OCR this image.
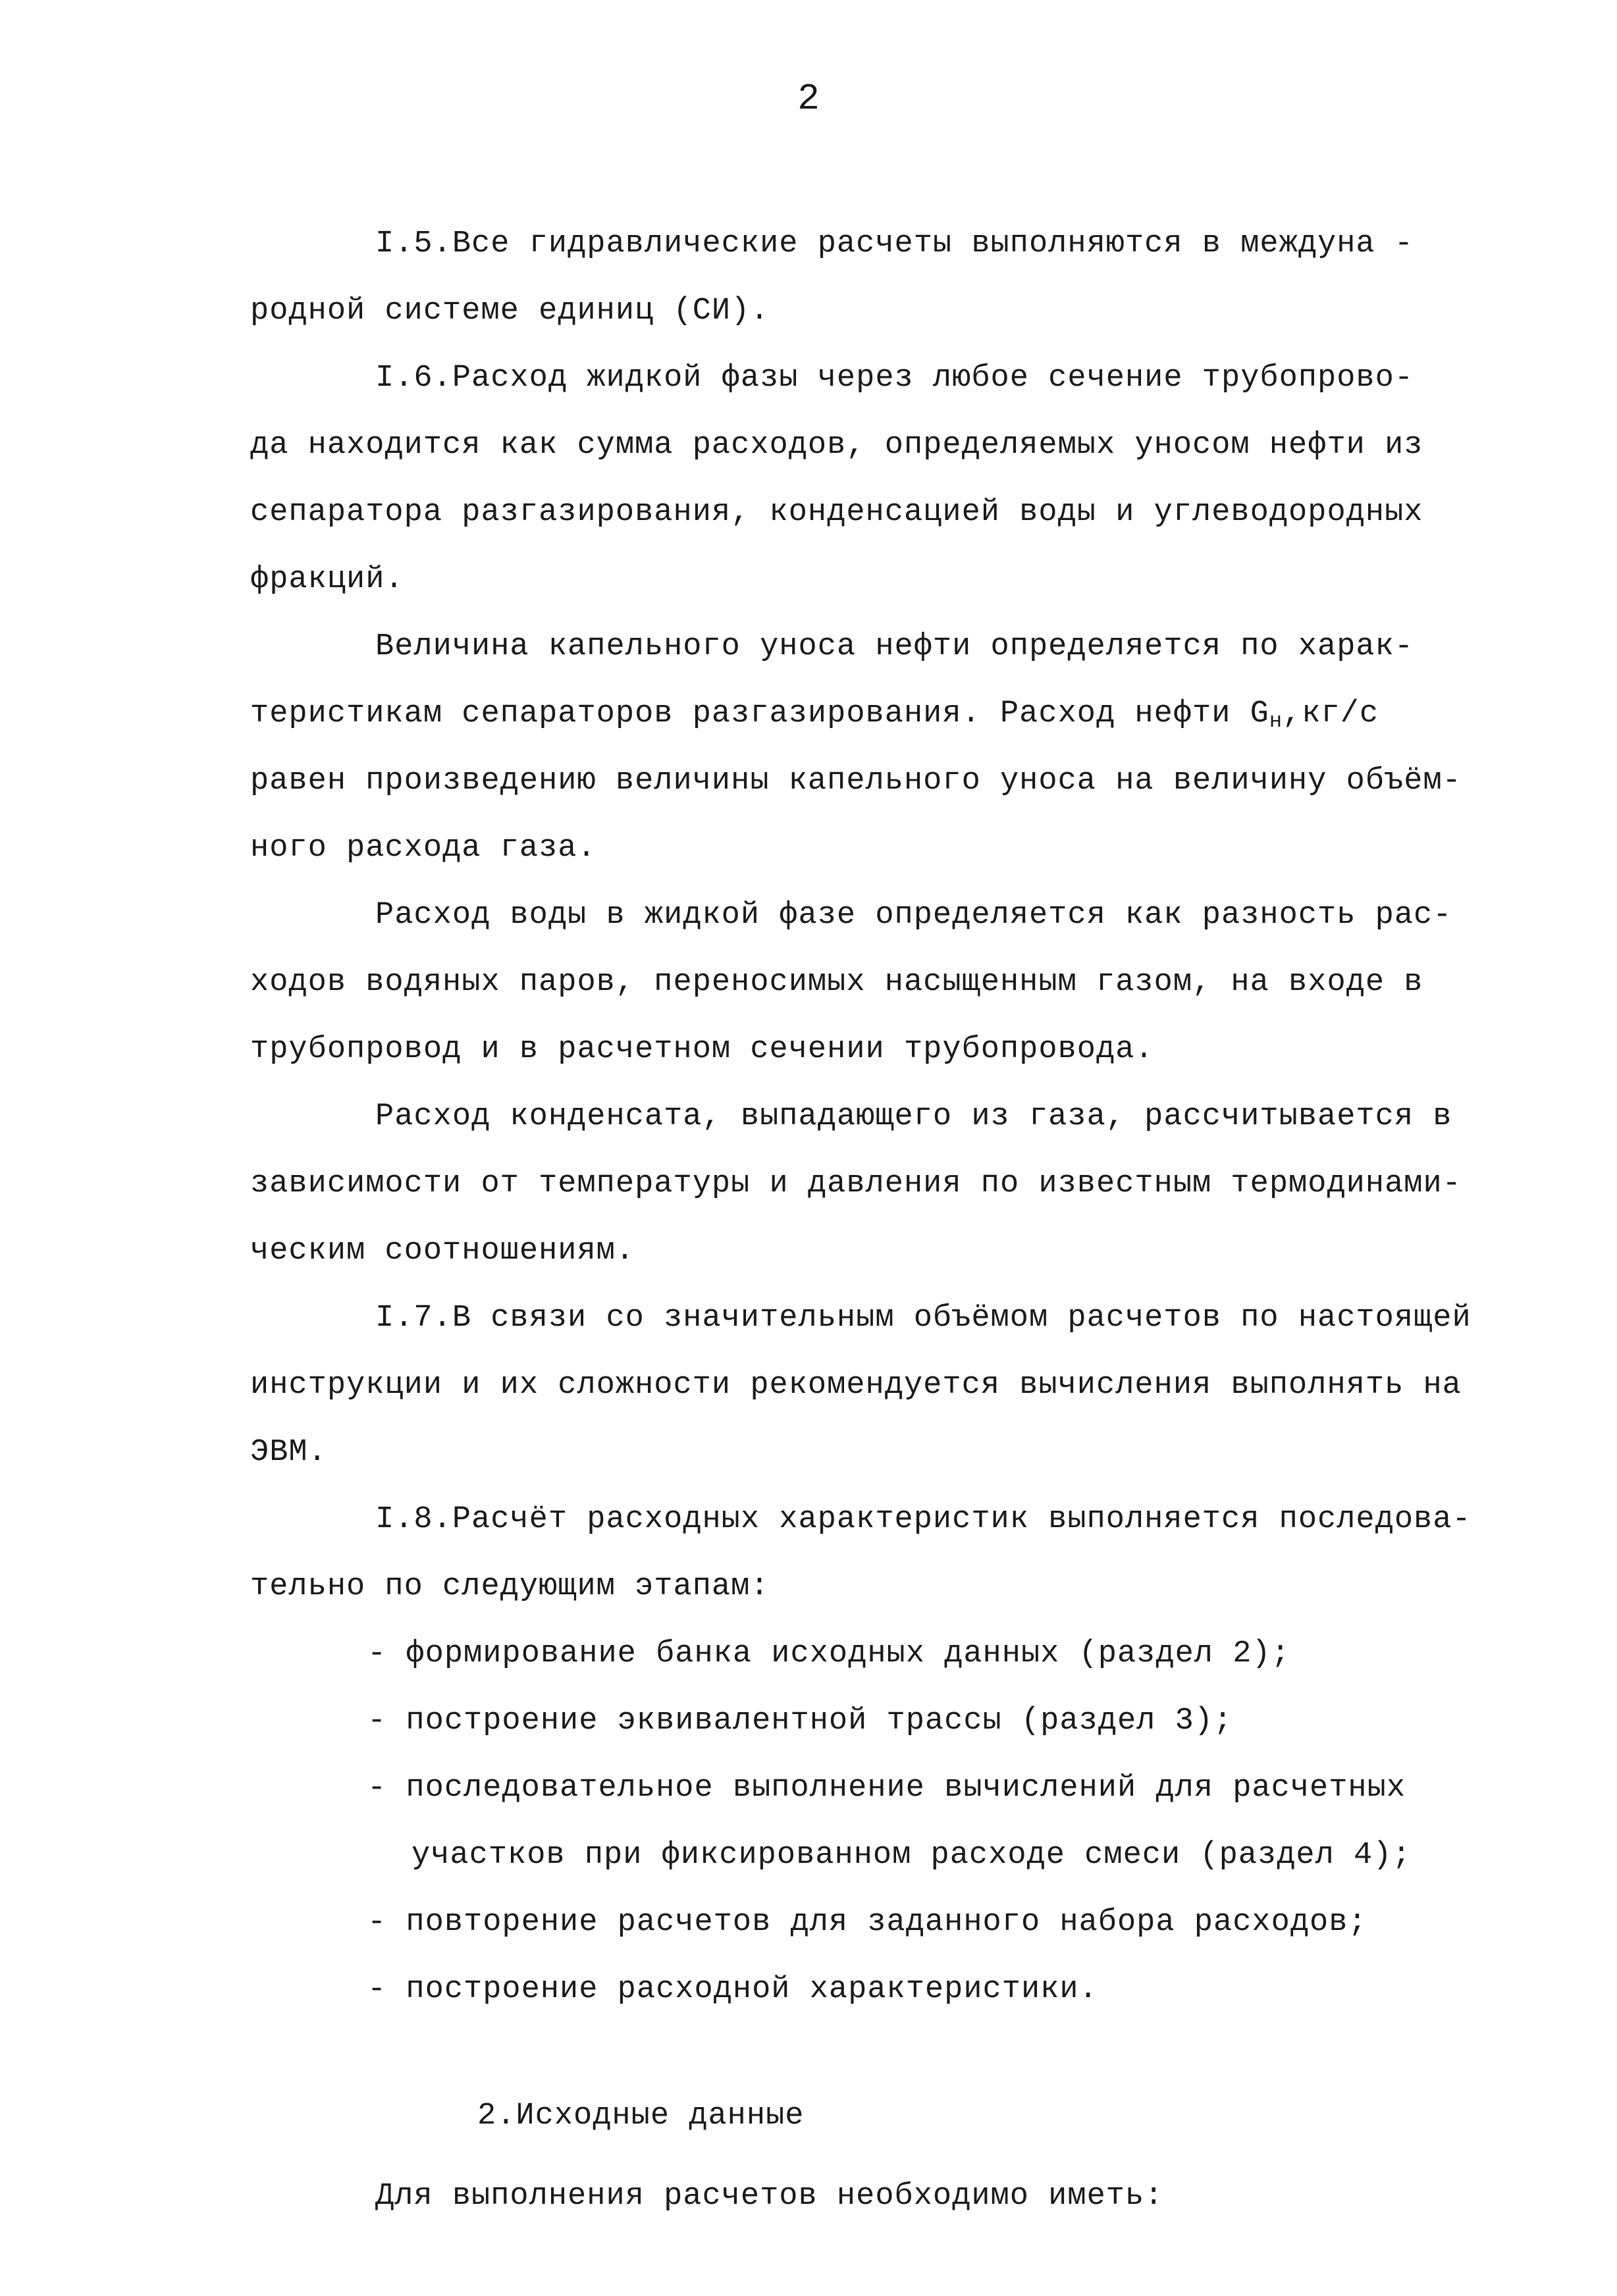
2
I.5.Все гидравлические расчеты выполняются в междуна -
родной системе единиц (СИ).
I.6.Расход жидкой фазы через любое сечение трубопрово-
да находится как сумма расходов, определяемых уносом нефти из
сепаратора разгазирования, конденсацией воды и углеводородных
фракций.
Величина капельного уноса нефти определяется по харак-
теристикам сепараторов разгазирования. Расход нефти $G_н,кг/с$
равен произведению величины капельного уноса на величину объём-
ного расхода газа.
Расход воды в жидкой фазе определяется как разность рас-
ходов водяных паров, переносимых насыщенным газом, на входе в
трубопровод и в расчетном сечении трубопровода.
Расход конденсата, выпадающего из газа, рассчитывается в
зависимости от температуры и давления по известным термодинами-
ческим соотношениям.
I.7.В связи со значительным объёмом расчетов по настоящей
инструкции и их сложности рекомендуется вычисления выполнять на
ЭВМ.
I.8.Расчёт расходных характеристик выполняется последова-
тельно по следующим этапам:
- формирование банка исходных данных (раздел 2);
- построение эквивалентной трассы (раздел 3);
- последовательное выполнение вычислений для расчетных
участков при фиксированном расходе смеси (раздел 4);
- повторение расчетов для заданного набора расходов;
- построение расходной характеристики.
2.Исходные данные
Для выполнения расчетов необходимо иметь:
